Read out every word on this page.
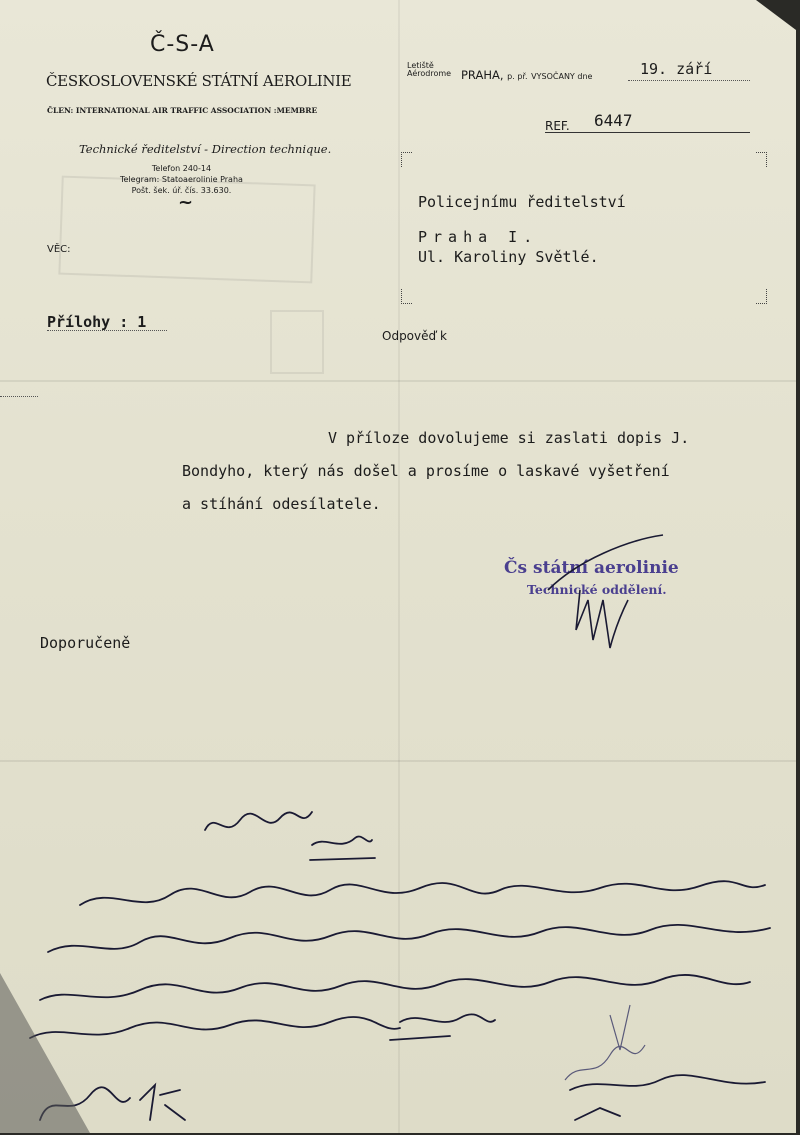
Č-S-A
ČESKOSLOVENSKÉ STÁTNÍ AEROLINIE
ČLEN: INTERNATIONAL AIR TRAFFIC ASSOCIATION :MEMBRE
Technické ředitelství - Direction technique.
Telefon 240-14
Telegram: Statoaerolinie Praha
Pošt. šek. úř. čís. 33.630.
~
VĚC:
Přílohy : 1
Letiště
Aérodrome PRAHA, p. př. VYSOČANY dne	19. září
REF. 6447
Policejnímu ředitelství
Praha I.
Ul. Karoliny Světlé.
Odpověď k
V příloze dovolujeme si zaslati dopis J.
Bondyho, který nás došel a prosíme o laskavé vyšetření
a stíhání odesílatele.
Čs státní aerolinie
Technické oddělení.
Doporučeně
